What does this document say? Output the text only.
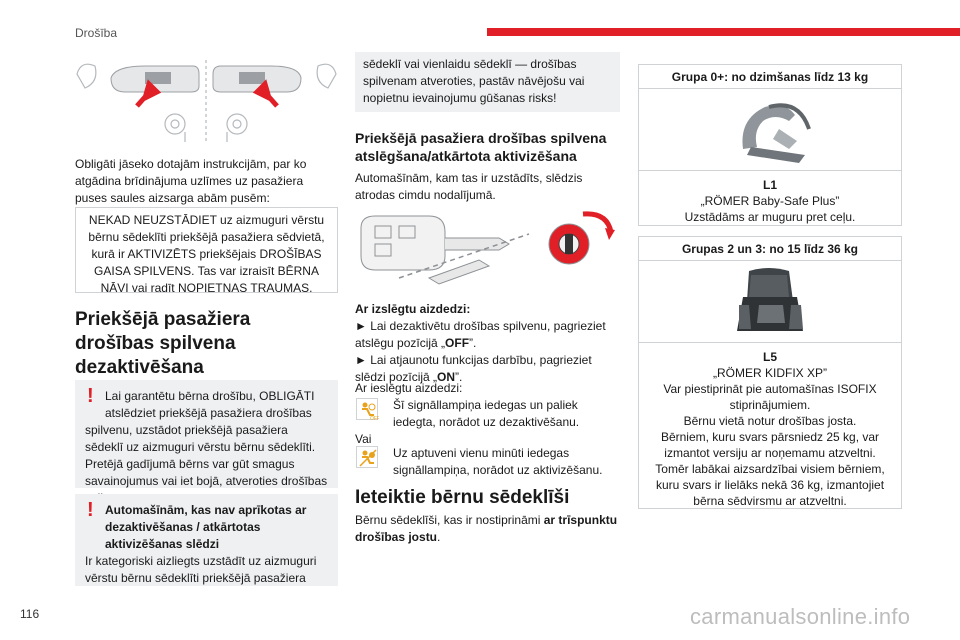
Drošība

Obligāti jāseko dotajām instrukcijām, par ko atgādina brīdinājuma uzlīmes uz pasažiera puses saules aizsarga abām pusēm:

NEKAD NEUZSTĀDIET uz aizmuguri vērstu bērnu sēdeklīti priekšējā pasažiera sēdvietā, kurā ir AKTIVIZĒTS priekšējais DROŠĪBAS GAISA SPILVENS. Tas var izraisīt BĒRNA NĀVI vai radīt NOPIETNAS TRAUMAS.

Priekšējā pasažiera
drošības spilvena
dezaktivēšana
! Lai garantētu bērna drošību, OBLIGĀTI atslēdziet priekšējā pasažiera drošības
spilvenu, uzstādot priekšējā pasažiera sēdeklī uz aizmuguri vērstu bērnu sēdeklīti. Pretējā gadījumā bērns var gūt smagus savainojumus vai iet bojā, atveroties drošības
! Automašīnām, kas nav aprīkotas ar dezaktivēšanas / atkārtotas aktivizēšanas slēdzi
Ir kategoriski aizliegts uzstādīt uz aizmuguri vērstu bērnu sēdeklīti priekšējā pasažiera

sēdeklī vai vienlaidu sēdeklī — drošības spilvenam atveroties, pastāv nāvējošu vai nopietnu ievainojumu gūšanas risks!

Priekšējā pasažiera drošības spilvena atslēgšana/atkārtota aktivizēšana

Automašīnām, kam tas ir uzstādīts, slēdzis atrodas cimdu nodalījumā.

Ar izslēgtu aizdedzi:

► Lai dezaktivētu drošības spilvenu, pagrieziet atslēgu pozīcijā „OFF”.

► Lai atjaunotu funkcijas darbību, pagrieziet slēdzi pozīcijā „ON”.

Ar ieslēgtu aizdedzi:

OFF

Šī signāllampiņa iedegas un paliek iedegta, norādot uz dezaktivēšanu.

Vai

Uz aptuveni vienu minūti iedegas signāllampiņa, norādot uz aktivizēšanu.

Ieteiktie bērnu sēdeklīši

Bērnu sēdeklīši, kas ir nostiprināmi ar trīspunktu drošības jostu.

Grupa 0+: no dzimšanas līdz 13 kg
L1
„RÖMER Baby-Safe Plus”
Uzstādāms ar muguru pret ceļu.
Grupas 2 un 3: no 15 līdz 36 kg
L5
„RÖMER KIDFIX XP”
Var piestiprināt pie automašīnas ISOFIX stiprinājumiem.
Bērnu vietā notur drošības josta.
Bērniem, kuru svars pārsniedz 25 kg, var izmantot versiju ar noņemamu atzveltni.
Tomēr labākai aizsardzībai visiem bērniem, kuru svars ir lielāks nekā 36 kg, izmantojiet bērna sēdvirsmu ar atzveltni.
116	carmanualsonline.info
